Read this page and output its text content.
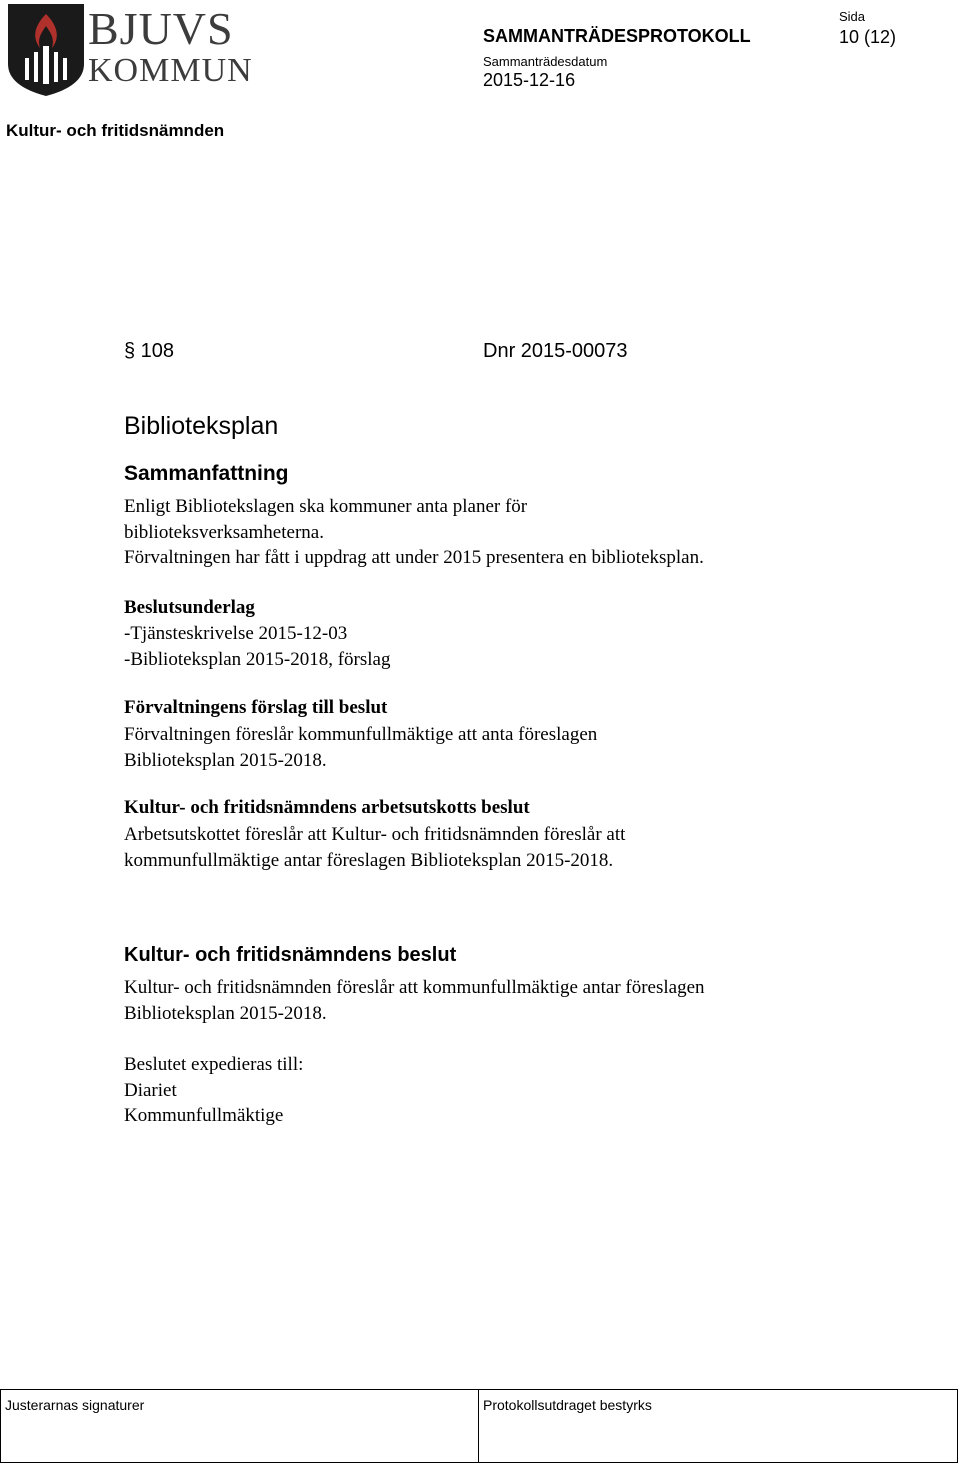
BJUVS
KOMMUN
SAMMANTRÄDESPROTOKOLL
Sida
10 (12)
Sammanträdesdatum
2015-12-16
Kultur- och fritidsnämnden
§ 108	Dnr 2015-00073
Biblioteksplan
Sammanfattning
Enligt Bibliotekslagen ska kommuner anta planer för
biblioteksverksamheterna.
Förvaltningen har fått i uppdrag att under 2015 presentera en biblioteksplan.
Beslutsunderlag
-Tjänsteskrivelse 2015-12-03
-Biblioteksplan 2015-2018, förslag
Förvaltningens förslag till beslut
Förvaltningen föreslår kommunfullmäktige att anta föreslagen
Biblioteksplan 2015-2018.
Kultur- och fritidsnämndens arbetsutskotts beslut
Arbetsutskottet föreslår att Kultur- och fritidsnämnden föreslår att
kommunfullmäktige antar föreslagen Biblioteksplan 2015-2018.
Kultur- och fritidsnämndens beslut
Kultur- och fritidsnämnden föreslår att kommunfullmäktige antar föreslagen
Biblioteksplan 2015-2018.
Beslutet expedieras till:
Diariet
Kommunfullmäktige
Justerarnas signaturer	Protokollsutdraget bestyrks
